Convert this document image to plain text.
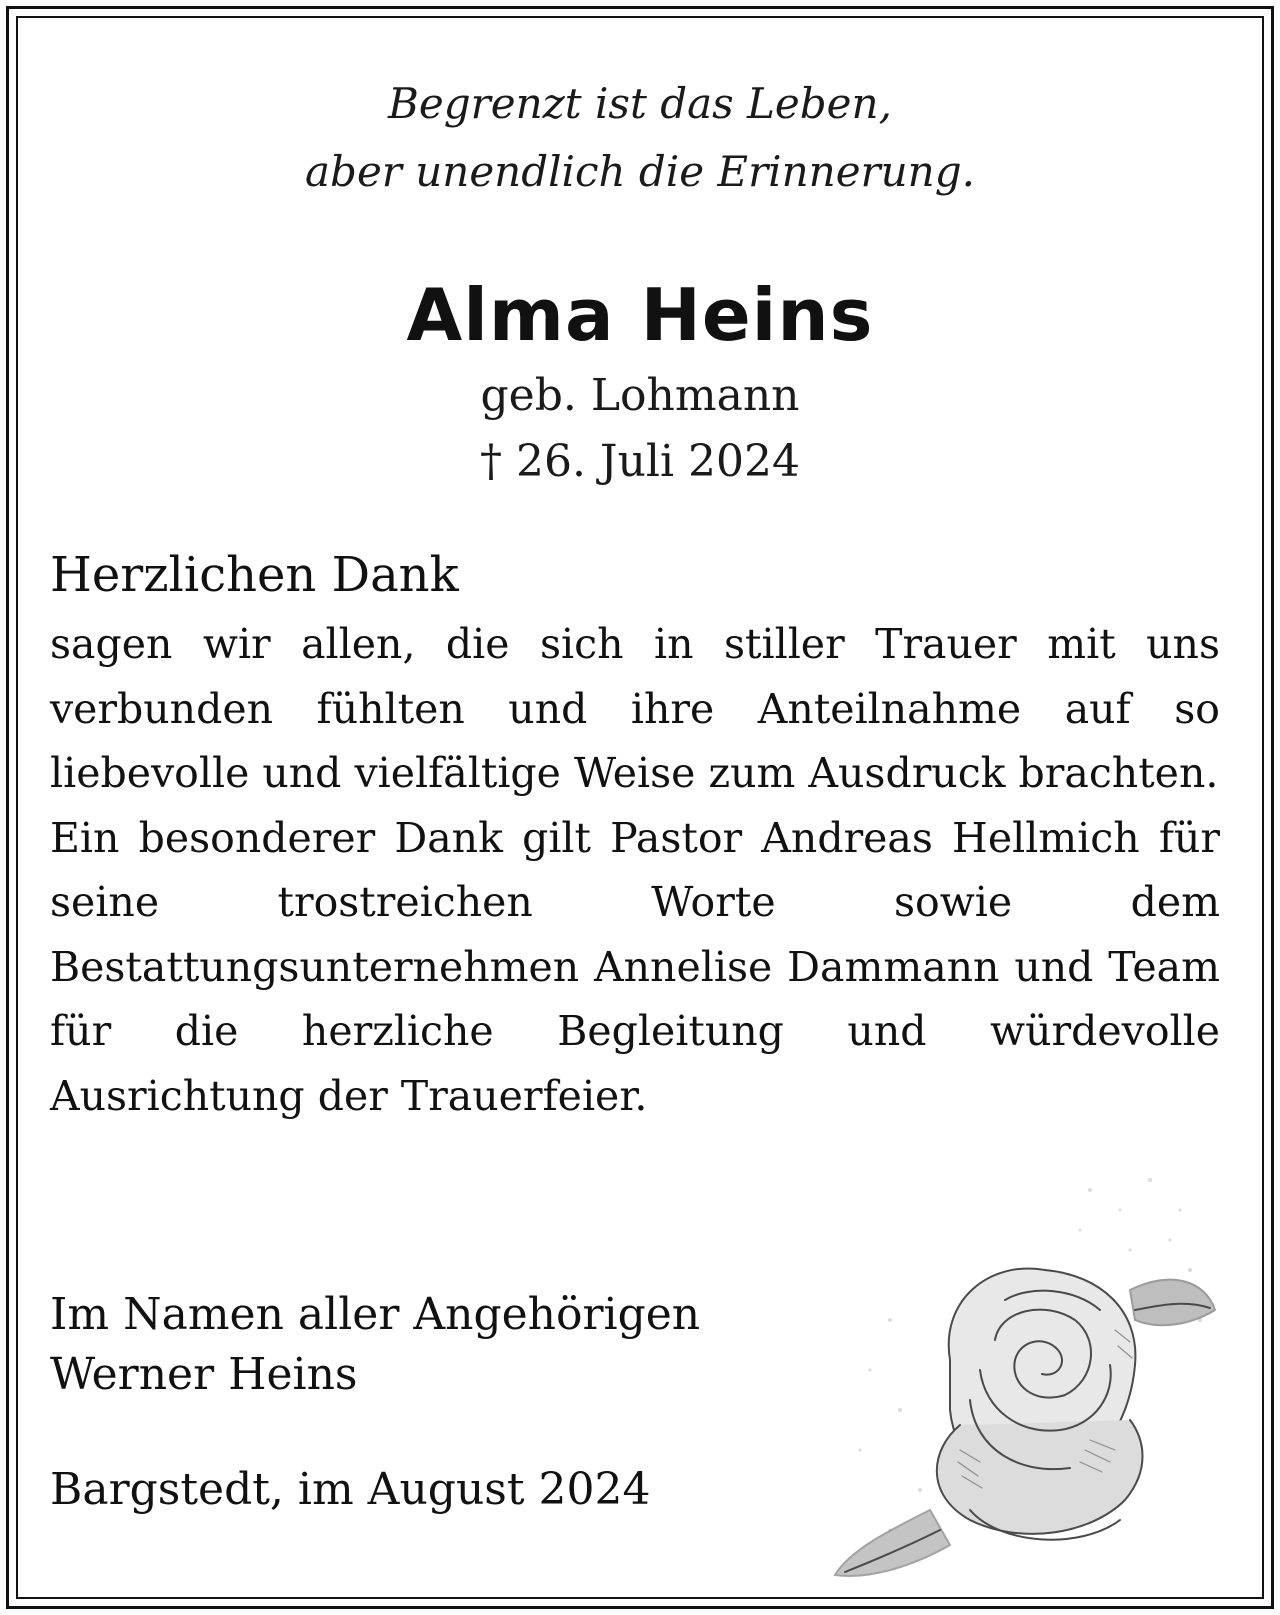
Begrenzt ist das Leben,
aber unendlich die Erinnerung.
Alma Heins
geb. Lohmann
† 26. Juli 2024
Herzlichen Dank

sagen wir allen, die sich in stiller Trauer mit uns verbunden fühlten und ihre Anteilnahme auf so liebevolle und vielfältige Weise zum Ausdruck brachten.

Ein besonderer Dank gilt Pastor Andreas Hellmich für seine trostreichen Worte sowie dem Bestattungsunternehmen Annelise Dammann und Team für die herzliche Begleitung und würdevolle Ausrichtung der Trauerfeier.

Im Namen aller Angehörigen
Werner Heins
Bargstedt, im August 2024
